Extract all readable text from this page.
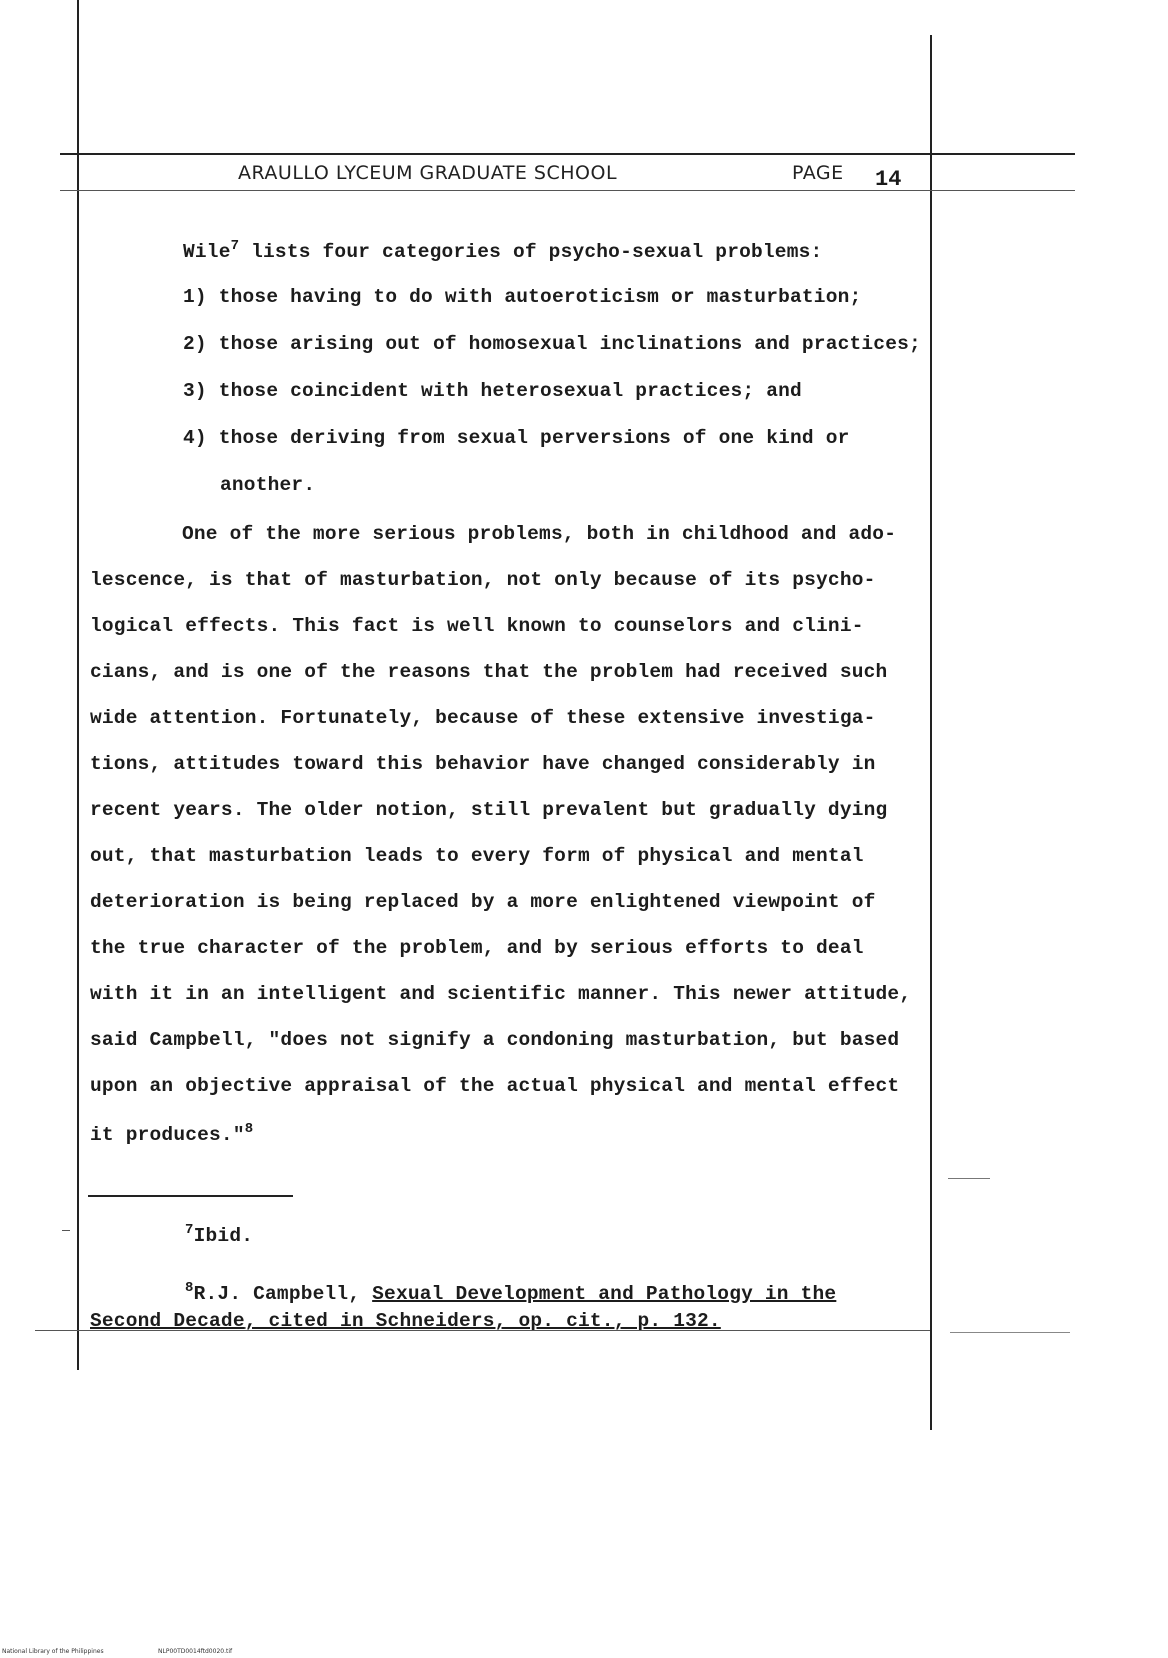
ARAULLO LYCEUM GRADUATE SCHOOL	PAGE 14
Wile$^7$ lists four categories of psycho-sexual problems:
1) those having to do with autoeroticism or masturbation;
2) those arising out of homosexual inclinations and practices;
3) those coincident with heterosexual practices; and
4) those deriving from sexual perversions of one kind or
another.
One of the more serious problems, both in childhood and ado-
lescence, is that of masturbation, not only because of its psycho-
logical effects. This fact is well known to counselors and clini-
cians, and is one of the reasons that the problem had received such
wide attention. Fortunately, because of these extensive investiga-
tions, attitudes toward this behavior have changed considerably in
recent years. The older notion, still prevalent but gradually dying
out, that masturbation leads to every form of physical and mental
deterioration is being replaced by a more enlightened viewpoint of
the true character of the problem, and by serious efforts to deal
with it in an intelligent and scientific manner. This newer attitude,
said Campbell, "does not signify a condoning masturbation, but based
upon an objective appraisal of the actual physical and mental effect
it produces."$^8$
$^7$Ibid.
$^8$R.J. Campbell, Sexual Development and Pathology in the
Second Decade, cited in Schneiders, op. cit., p. 132.
National Library of the Philippines	NLP00TD0014ftd0020.tif
